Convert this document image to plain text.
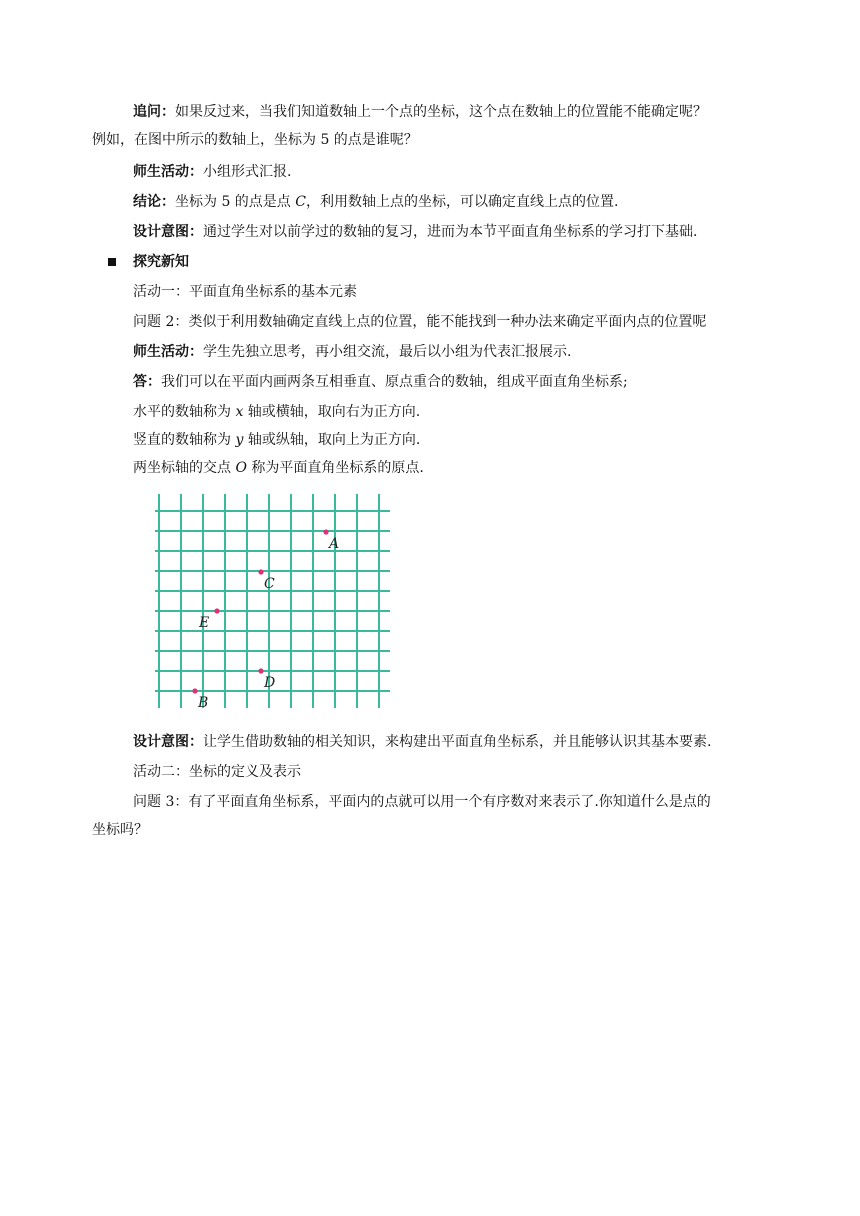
追问：如果反过来，当我们知道数轴上一个点的坐标，这个点在数轴上的位置能不能确定呢？
例如，在图中所示的数轴上，坐标为 5 的点是谁呢？
师生活动：小组形式汇报.
结论：坐标为 5 的点是点 C，利用数轴上点的坐标，可以确定直线上点的位置.
设计意图：通过学生对以前学过的数轴的复习，进而为本节平面直角坐标系的学习打下基础.
探究新知
活动一：平面直角坐标系的基本元素
问题 2：类似于利用数轴确定直线上点的位置，能不能找到一种办法来确定平面内点的位置呢
师生活动：学生先独立思考，再小组交流，最后以小组为代表汇报展示.
答：我们可以在平面内画两条互相垂直、原点重合的数轴，组成平面直角坐标系;
水平的数轴称为 x 轴或横轴，取向右为正方向.
竖直的数轴称为 y 轴或纵轴，取向上为正方向.
两坐标轴的交点 O 称为平面直角坐标系的原点.
A
C
E
D
B
设计意图：让学生借助数轴的相关知识，来构建出平面直角坐标系，并且能够认识其基本要素.
活动二：坐标的定义及表示
问题 3：有了平面直角坐标系，平面内的点就可以用一个有序数对来表示了.你知道什么是点的
坐标吗？
